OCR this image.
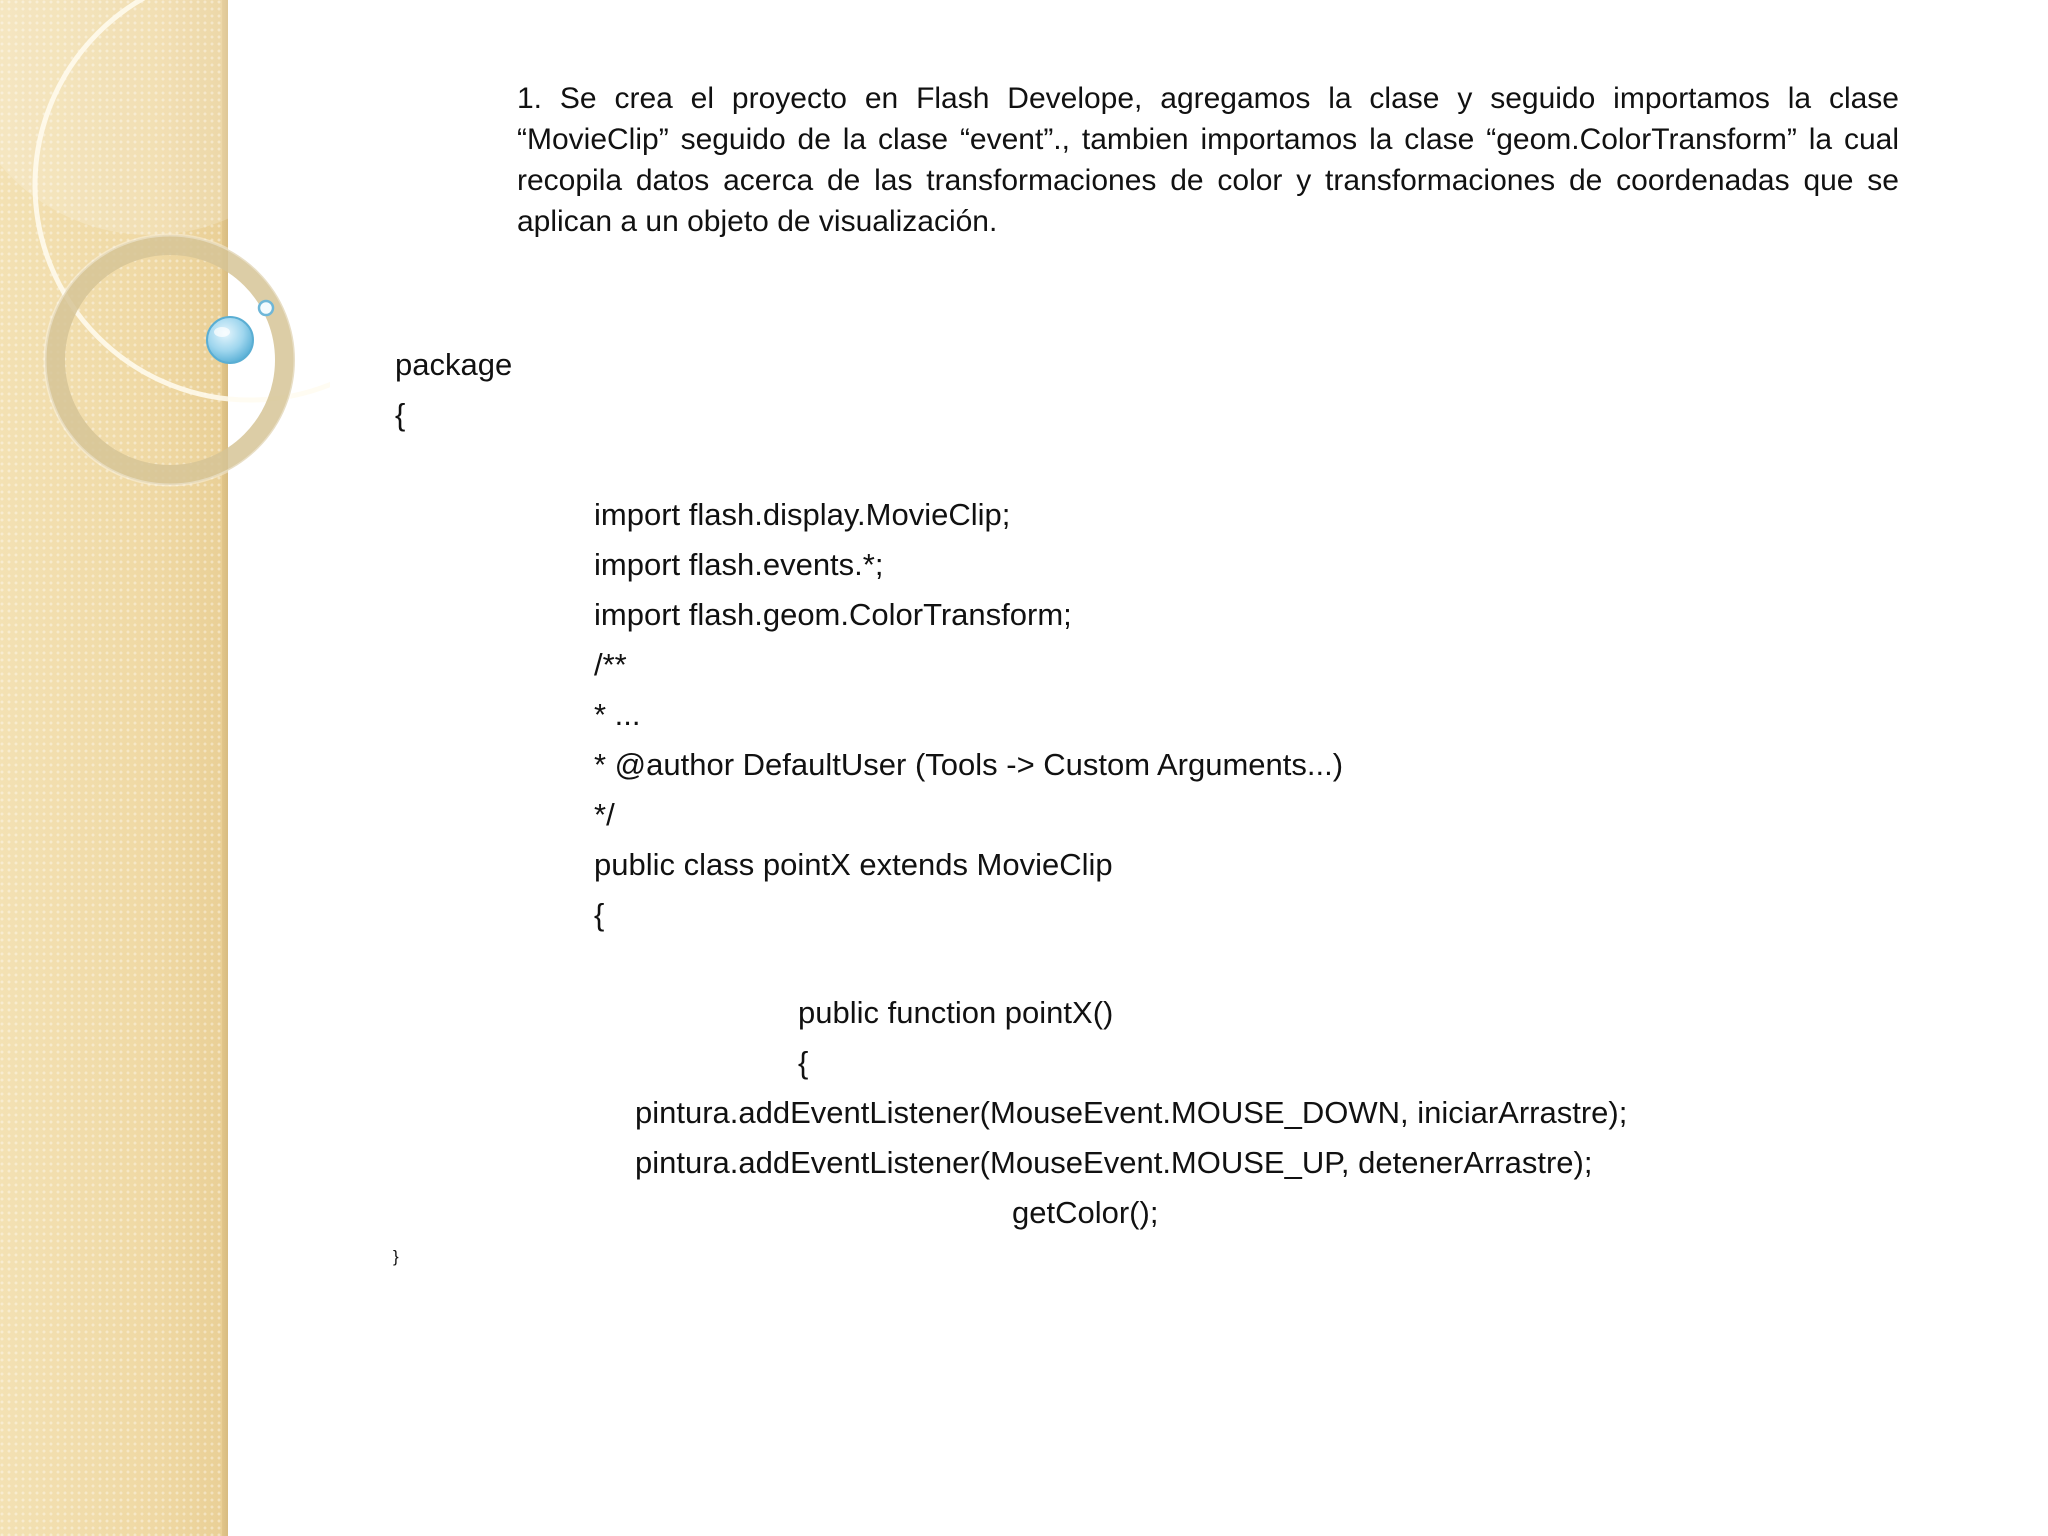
1. Se crea el proyecto en Flash Develope, agregamos la clase y seguido importamos la clase “MovieClip” seguido de la clase “event”., tambien importamos la clase “geom.ColorTransform” la cual recopila datos acerca de las transformaciones de color y transformaciones de coordenadas que se aplican a un objeto de visualización.

package
{
import flash.display.MovieClip;
import flash.events.*;
import flash.geom.ColorTransform;
/**
* ...
* @author DefaultUser (Tools -> Custom Arguments...)
*/
public class pointX extends MovieClip
{
public function pointX()
{
pintura.addEventListener(MouseEvent.MOUSE_DOWN, iniciarArrastre);
pintura.addEventListener(MouseEvent.MOUSE_UP, detenerArrastre);
getColor();
}
